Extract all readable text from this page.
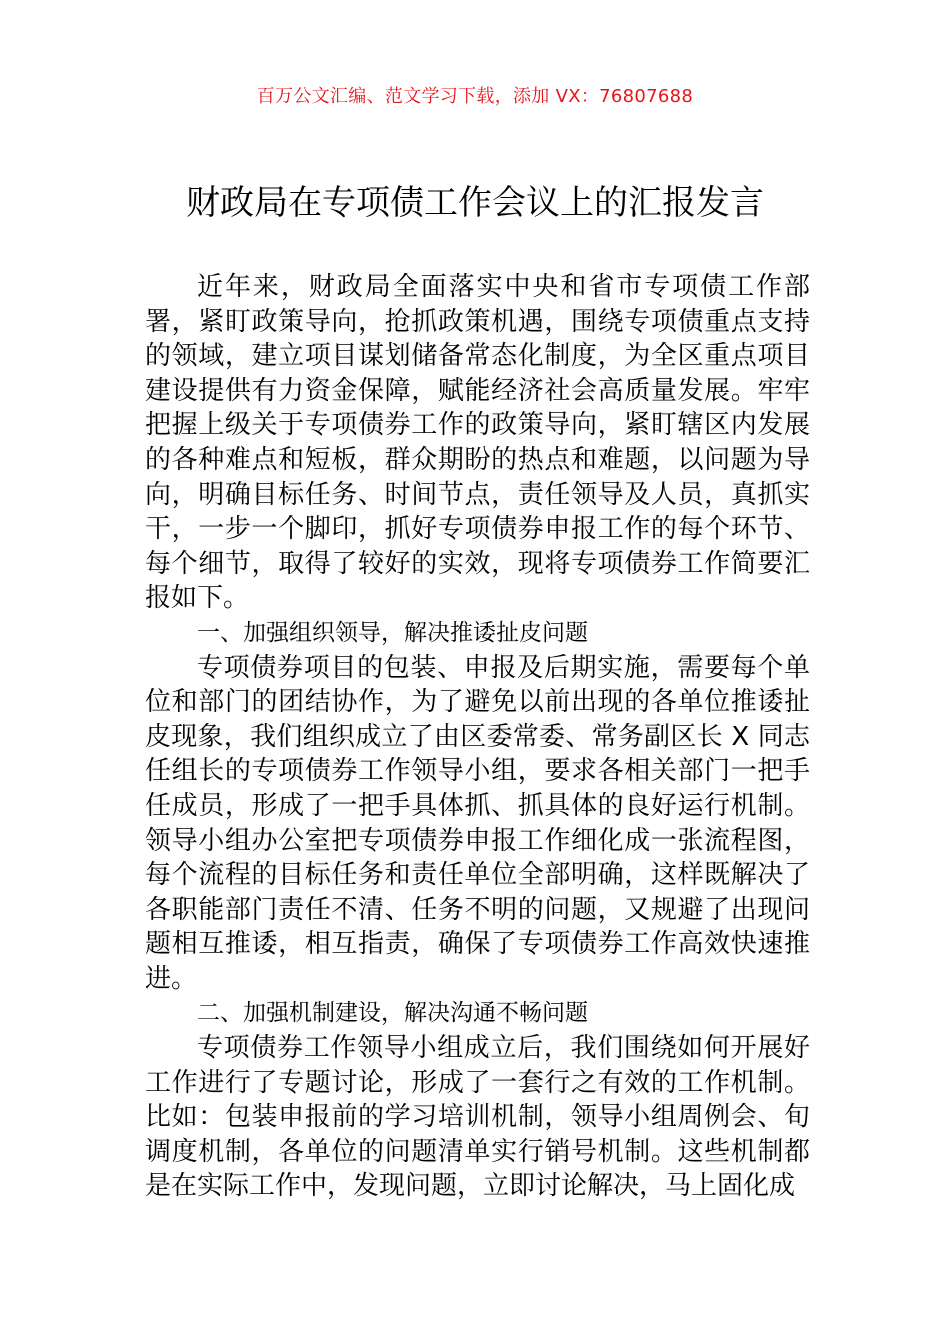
百万公文汇编、范文学习下载，添加 VX：76807688
财政局在专项债工作会议上的汇报发言

近年来，财政局全面落实中央和省市专项债工作部署，紧盯政策导向，抢抓政策机遇，围绕专项债重点支持的领域，建立项目谋划储备常态化制度，为全区重点项目建设提供有力资金保障，赋能经济社会高质量发展。牢牢把握上级关于专项债券工作的政策导向，紧盯辖区内发展的各种难点和短板，群众期盼的热点和难题，以问题为导向，明确目标任务、时间节点，责任领导及人员，真抓实干，一步一个脚印，抓好专项债券申报工作的每个环节、每个细节，取得了较好的实效，现将专项债券工作简要汇报如下。

一、加强组织领导，解决推诿扯皮问题

专项债券项目的包装、申报及后期实施，需要每个单位和部门的团结协作，为了避免以前出现的各单位推诿扯皮现象，我们组织成立了由区委常委、常务副区长 X 同志任组长的专项债券工作领导小组，要求各相关部门一把手任成员，形成了一把手具体抓、抓具体的良好运行机制。领导小组办公室把专项债券申报工作细化成一张流程图，每个流程的目标任务和责任单位全部明确，这样既解决了各职能部门责任不清、任务不明的问题，又规避了出现问题相互推诿，相互指责，确保了专项债券工作高效快速推进。

二、加强机制建设，解决沟通不畅问题

专项债券工作领导小组成立后，我们围绕如何开展好工作进行了专题讨论，形成了一套行之有效的工作机制。比如：包装申报前的学习培训机制，领导小组周例会、旬调度机制，各单位的问题清单实行销号机制。这些机制都是在实际工作中，发现问题，立即讨论解决，马上固化成
